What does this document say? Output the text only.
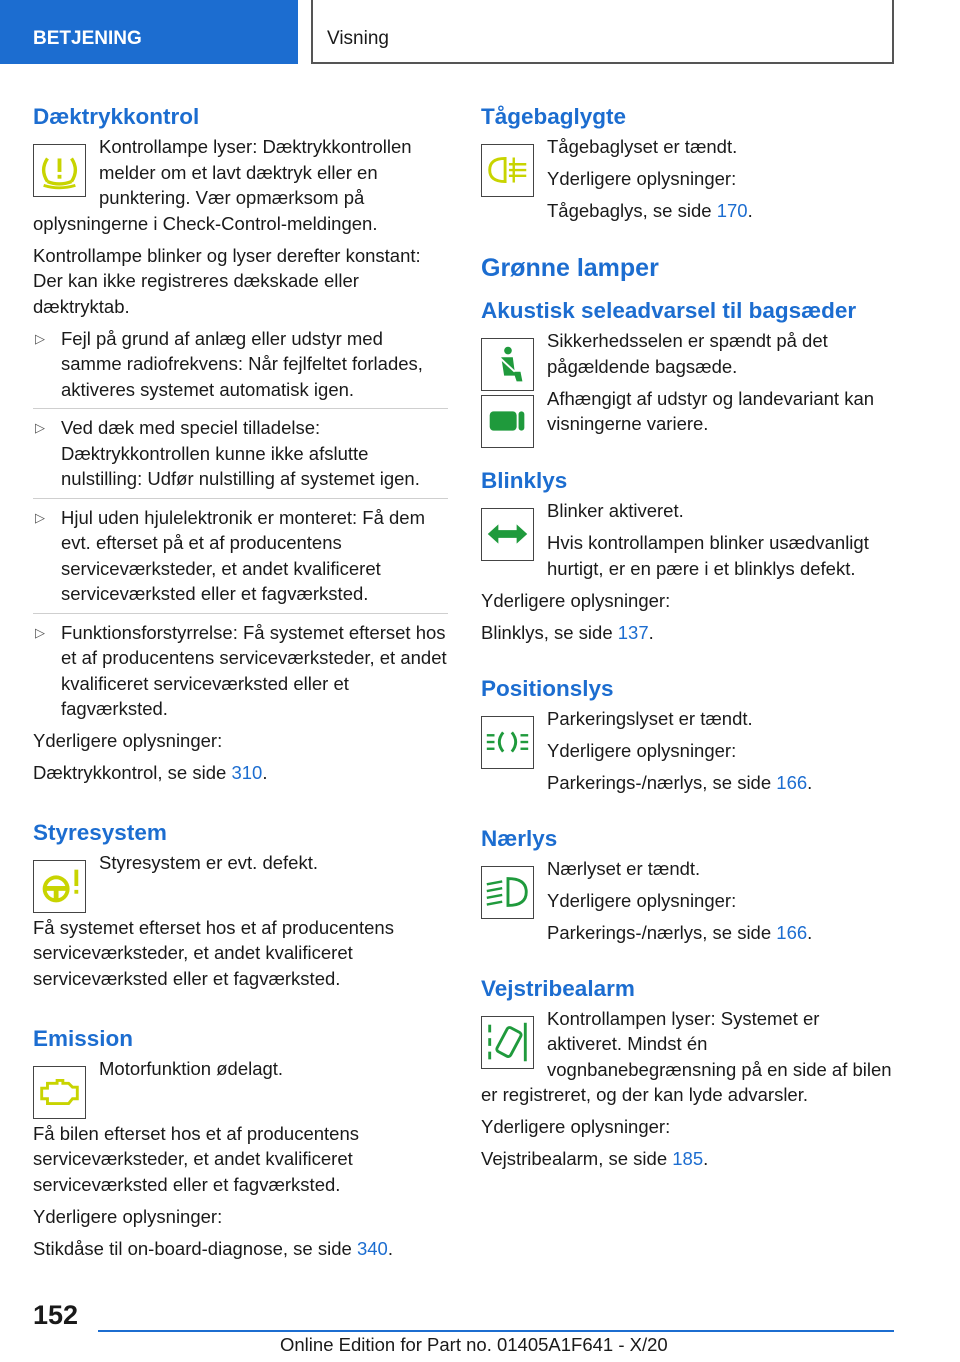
BETJENING	Visning
Dæktrykkontrol

Kontrollampe lyser: Dæktrykkontrollen melder om et lavt dæktryk eller en punktering. Vær opmærksom på oplysningerne i Check-Control-meldingen.

Kontrollampe blinker og lyser derefter konstant: Der kan ikke registreres dækskade eller dæktryktab.

▷ Fejl på grund af anlæg eller udstyr med samme radiofrekvens: Når fejlfeltet forlades, aktiveres systemet automatisk igen.
▷ Ved dæk med speciel tilladelse: Dæktrykkontrollen kunne ikke afslutte nulstilling: Udfør nulstilling af systemet igen.
▷ Hjul uden hjulelektronik er monteret: Få dem evt. efterset på et af producentens serviceværksteder, et andet kvalificeret serviceværksted eller et fagværksted.
▷ Funktionsforstyrrelse: Få systemet efterset hos et af producentens serviceværksteder, et andet kvalificeret serviceværksted eller et fagværksted.

Yderligere oplysninger:

Dæktrykkontrol, se side 310.

Styresystem

Styresystem er evt. defekt.

Få systemet efterset hos et af producentens serviceværksteder, et andet kvalificeret serviceværksted eller et fagværksted.

Emission

Motorfunktion ødelagt.

Få bilen efterset hos et af producentens serviceværksteder, et andet kvalificeret serviceværksted eller et fagværksted.

Yderligere oplysninger:

Stikdåse til on-board-diagnose, se side 340.

Tågebaglygte

Tågebaglyset er tændt.

Yderligere oplysninger:

Tågebaglys, se side 170.

Grønne lamper
Akustisk seleadvarsel til bagsæder

Sikkerhedsselen er spændt på det pågældende bagsæde.

Afhængigt af udstyr og landevariant kan visningerne variere.

Blinklys

Blinker aktiveret.

Hvis kontrollampen blinker usædvanligt hurtigt, er en pære i et blinklys defekt.

Yderligere oplysninger:

Blinklys, se side 137.

Positionslys

Parkeringslyset er tændt.

Yderligere oplysninger:

Parkerings-/nærlys, se side 166.

Nærlys

Nærlyset er tændt.

Yderligere oplysninger:

Parkerings-/nærlys, se side 166.

Vejstribealarm

Kontrollampen lyser: Systemet er aktiveret. Mindst én vognbanebegrænsning på en side af bilen er registreret, og der kan lyde advarsler.

Yderligere oplysninger:

Vejstribealarm, se side 185.

152
Online Edition for Part no. 01405A1F641 - X/20
